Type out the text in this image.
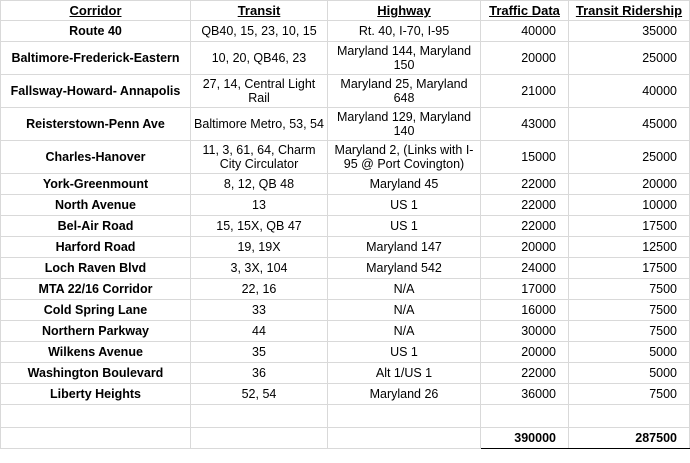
Corridor	Transit	Highway	Traffic Data	Transit Ridership
Route 40	QB40, 15, 23, 10, 15	Rt. 40, I-70, I-95	40000	35000
Baltimore-Frederick-Eastern	10, 20, QB46, 23	Maryland 144, Maryland 150	20000	25000
Fallsway-Howard- Annapolis	27, 14, Central Light Rail	Maryland 25, Maryland 648	21000	40000
Reisterstown-Penn Ave	Baltimore Metro, 53, 54	Maryland 129, Maryland 140	43000	45000
Charles-Hanover	11, 3, 61, 64, Charm City Circulator	Maryland 2, (Links with I-95 @ Port Covington)	15000	25000
York-Greenmount	8, 12, QB 48	Maryland 45	22000	20000
North Avenue	13	US 1	22000	10000
Bel-Air Road	15, 15X, QB 47	US 1	22000	17500
Harford Road	19, 19X	Maryland 147	20000	12500
Loch Raven Blvd	3, 3X, 104	Maryland 542	24000	17500
MTA 22/16 Corridor	22, 16	N/A	17000	7500
Cold Spring Lane	33	N/A	16000	7500
Northern Parkway	44	N/A	30000	7500
Wilkens Avenue	35	US 1	20000	5000
Washington Boulevard	36	Alt 1/US 1	22000	5000
Liberty Heights	52, 54	Maryland 26	36000	7500

			390000	287500
